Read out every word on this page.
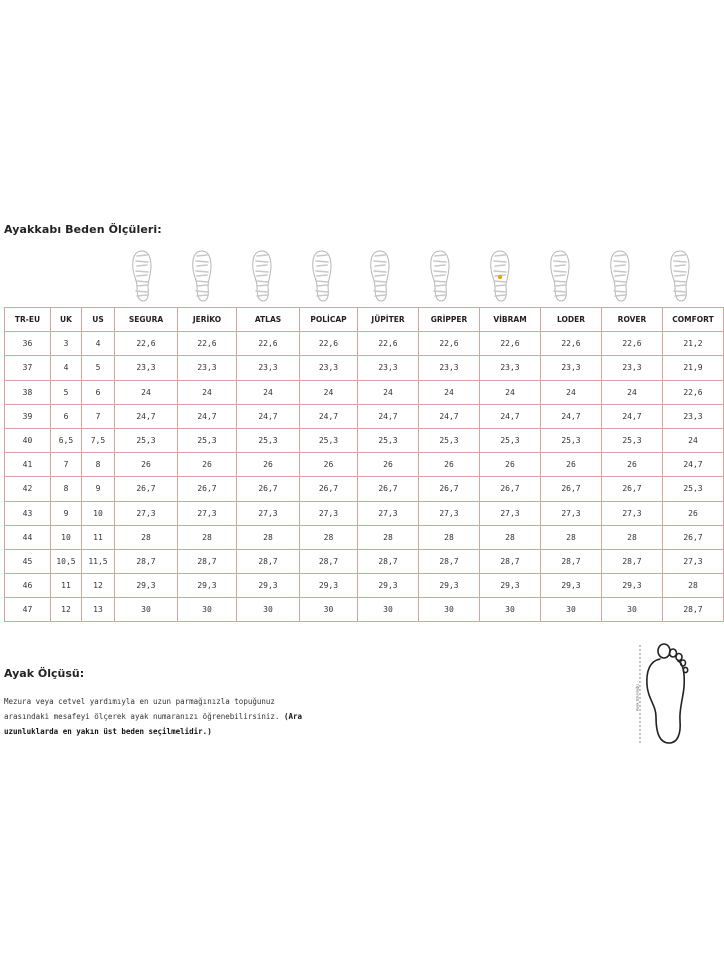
Ayakkabı Beden Ölçüleri:
TR-EU	UK	US	SEGURA	JERİKO	ATLAS	POLİCAP	JÜPİTER	GRİPPER	VİBRAM	LODER	ROVER	COMFORT
36	3	4	22,6	22,6	22,6	22,6	22,6	22,6	22,6	22,6	22,6	21,2
37	4	5	23,3	23,3	23,3	23,3	23,3	23,3	23,3	23,3	23,3	21,9
38	5	6	24	24	24	24	24	24	24	24	24	22,6
39	6	7	24,7	24,7	24,7	24,7	24,7	24,7	24,7	24,7	24,7	23,3
40	6,5	7,5	25,3	25,3	25,3	25,3	25,3	25,3	25,3	25,3	25,3	24
41	7	8	26	26	26	26	26	26	26	26	26	24,7
42	8	9	26,7	26,7	26,7	26,7	26,7	26,7	26,7	26,7	26,7	25,3
43	9	10	27,3	27,3	27,3	27,3	27,3	27,3	27,3	27,3	27,3	26
44	10	11	28	28	28	28	28	28	28	28	28	26,7
45	10,5	11,5	28,7	28,7	28,7	28,7	28,7	28,7	28,7	28,7	28,7	27,3
46	11	12	29,3	29,3	29,3	29,3	29,3	29,3	29,3	29,3	29,3	28
47	12	13	30	30	30	30	30	30	30	30	30	28,7
Ayak Ölçüsü:
Mezura veya cetvel yardımıyla en uzun parmağınızla topuğunuz arasındaki mesafeyi ölçerek ayak numaranızı öğrenebilirsiniz. (Ara uzunluklarda en yakın üst beden seçilmelidir.)
Ayak Uzunluğu
